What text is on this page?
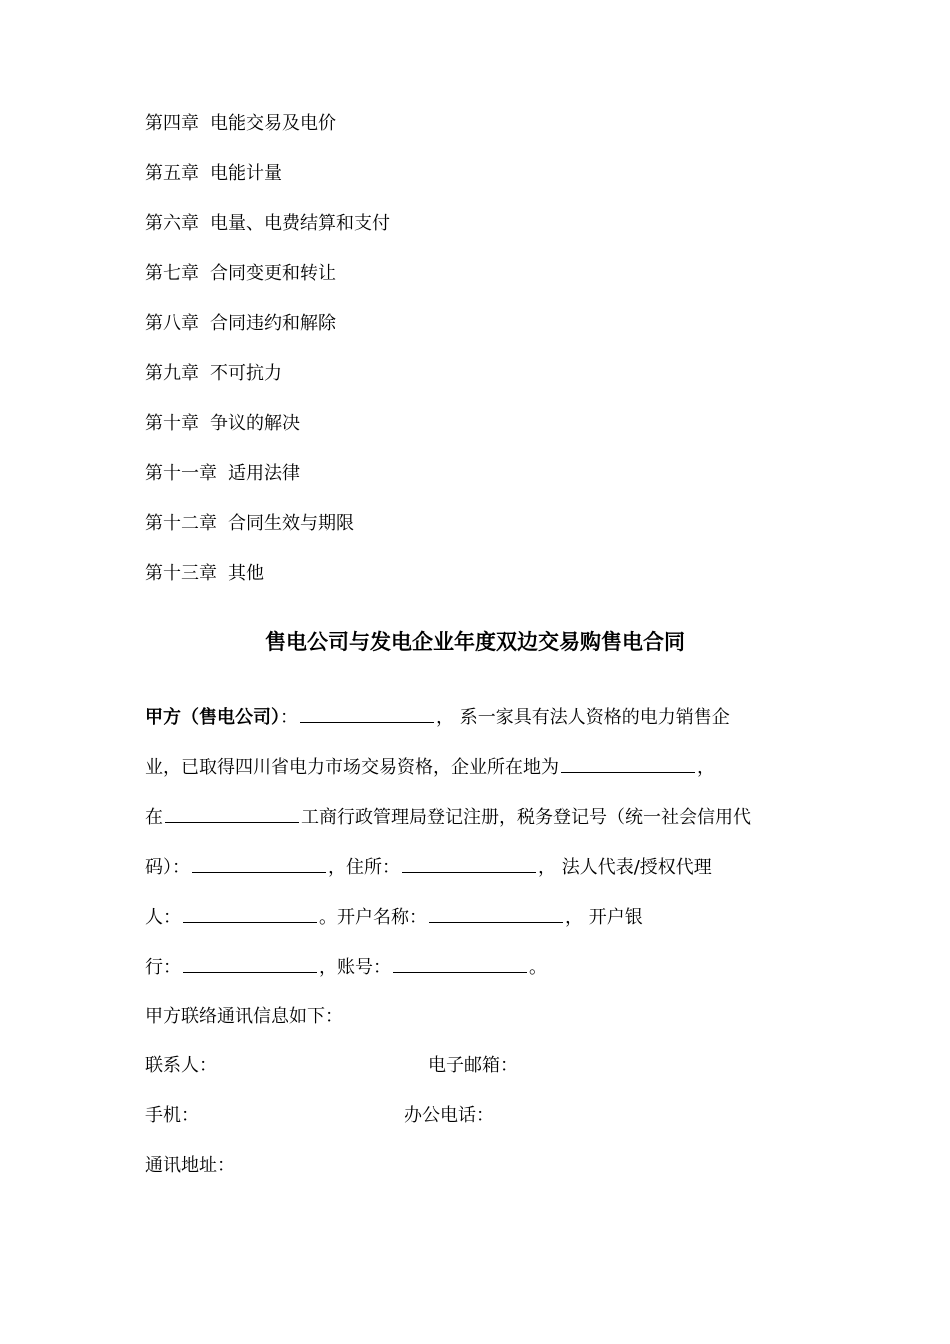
第四章 电能交易及电价
第五章 电能计量
第六章 电量、电费结算和支付
第七章 合同变更和转让
第八章 合同违约和解除
第九章 不可抗力
第十章 争议的解决
第十一章 适用法律
第十二章 合同生效与期限
第十三章 其他
售电公司与发电企业年度双边交易购售电合同
甲方（售电公司）：	， 系一家具有法人资格的电力销售企
业，已取得四川省电力市场交易资格，企业所在地为	，
在	工商行政管理局登记注册，税务登记号（统一社会信用代
码）：	，住所：	， 法人代表/授权代理
人：	。开户名称：	， 开户银
行：	，账号：	。
甲方联络通讯信息如下：
联系人：	电子邮箱：
手机：	办公电话：
通讯地址：
